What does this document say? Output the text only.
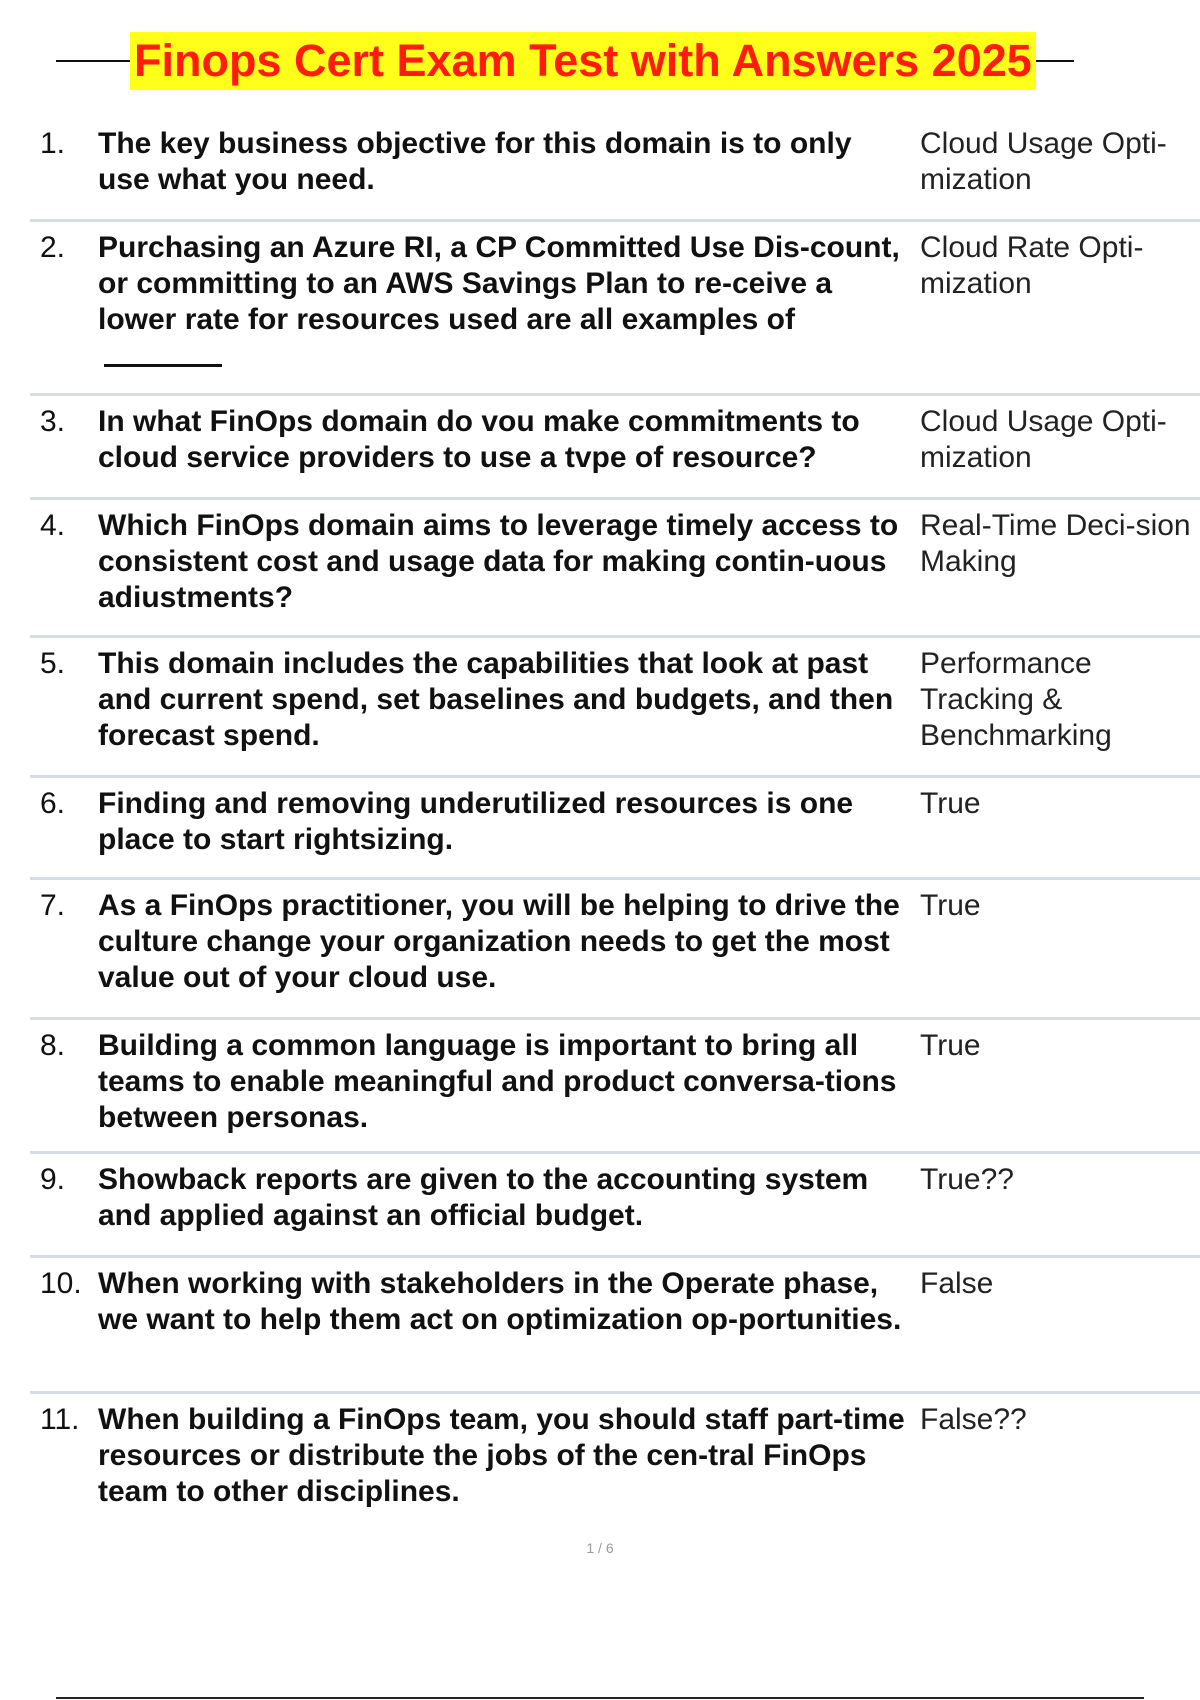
Finops Cert Exam Test with Answers 2025
1.	The key business objective for this domain is to only use what you need.
Cloud Usage Opti-mization
2.	Purchasing an Azure RI, a CP Committed Use Dis-count, or committing to an AWS Savings Plan to re-ceive a lower rate for resources used are all examples of
Cloud Rate Opti-mization
3.	In what FinOps domain do vou make commitments to cloud service providers to use a tvpe of resource?
Cloud Usage Opti-mization
4.	Which FinOps domain aims to leverage timely access to consistent cost and usage data for making contin-uous adiustments?
Real-Time Deci-sion Making
5.	This domain includes the capabilities that look at past and current spend, set baselines and budgets, and then forecast spend.
Performance Tracking & Benchmarking
6.	Finding and removing underutilized resources is one place to start rightsizing.
True
7.	As a FinOps practitioner, you will be helping to drive the culture change your organization needs to get the most value out of your cloud use.
True
8.	Building a common language is important to bring all teams to enable meaningful and product conversa-tions between personas.
True
9.	Showback reports are given to the accounting system and applied against an official budget.
True??
10. When working with stakeholders in the Operate phase, we want to help them act on optimization op-portunities.
False
11. When building a FinOps team, you should staff part-time resources or distribute the jobs of the cen-tral FinOps team to other disciplines.
False??
1 / 6
